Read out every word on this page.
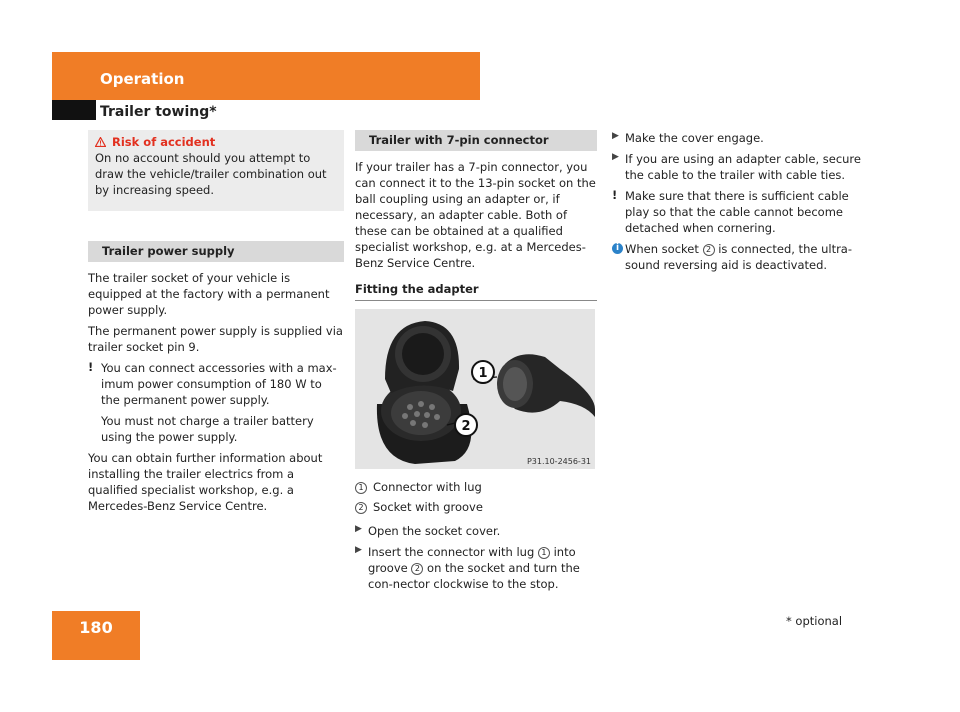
Operation
Trailer towing*
Risk of accident

On no account should you attempt to draw the vehicle/trailer combination out by increasing speed.

Trailer power supply

The trailer socket of your vehicle is equipped at the factory with a permanent power supply.

The permanent power supply is supplied via trailer socket pin 9.

! You can connect accessories with a max-imum power consumption of 180 W to the permanent power supply.

You must not charge a trailer battery using the power supply.

You can obtain further information about installing the trailer electrics from a qualified specialist workshop, e.g. a Mercedes-Benz Service Centre.

Trailer with 7-pin connector

If your trailer has a 7-pin connector, you can connect it to the 13-pin socket on the ball coupling using an adapter or, if necessary, an adapter cable. Both of these can be obtained at a qualified specialist workshop, e.g. at a Mercedes-Benz Service Centre.

Fitting the adapter
1
2
P31.10-2456-31
1 Connector with lug
2 Socket with groove
▶ Open the socket cover.

▶ Insert the connector with lug 1 into groove 2 on the socket and turn the con-nector clockwise to the stop.

▶ Make the cover engage.

▶ If you are using an adapter cable, secure the cable to the trailer with cable ties.

! Make sure that there is sufficient cable play so that the cable cannot become detached when cornering.

i When socket 2 is connected, the ultra-sound reversing aid is deactivated.

180	* optional
